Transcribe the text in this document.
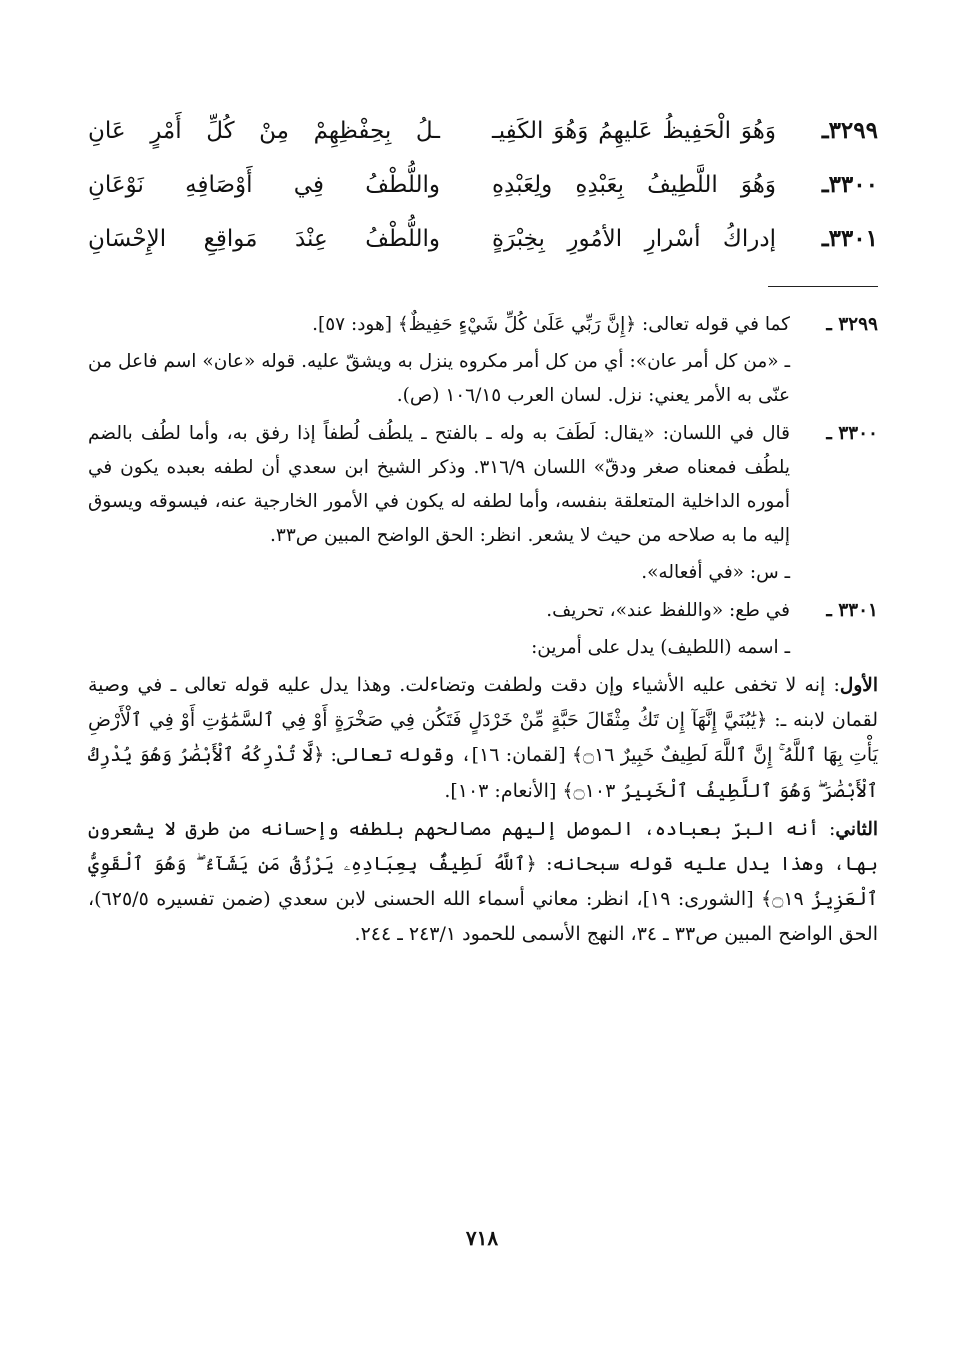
٣٢٩٩ـ
وَهُوَ الْحَفِيظُ عَليهِمُ وَهُوَ الكَفِيـ
ـلُ بِحِفْظِهِمْ مِنْ كُلِّ أَمْرٍ عَانِ
٣٣٠٠ـ
وَهُوَ اللَّطِيفُ بِعَبْدِهِ ولِعَبْدِهِ
واللُّطْفُ فِي أَوْصَافِهِ نَوْعَانِ
٣٣٠١ـ
إدراكُ أسْرارِ الأمُورِ بِخِبْرَةٍ
واللُّطْفُ عِنْدَ مَواقِعِ الإِحْسَانِ
٣٢٩٩ ـ
كما في قوله تعالى: ﴿إِنَّ رَبِّي عَلَىٰ كُلِّ شَيْءٍ حَفِيظٌ﴾ [هود: ٥٧].
ـ «من كل أمر عان»: أي من كل أمر مكروه ينزل به ويشقّ عليه. قوله «عان» اسم فاعل من عنّى به الأمر يعني: نزل. لسان العرب ١٠٦/١٥ (ص).
٣٣٠٠ ـ
قال في اللسان: «يقال: لَطَفَ به وله ـ بالفتح ـ يلطُف لُطفاً إذا رفق به، وأما لطُف بالضم يلطُف فمعناه صغر ودقّ» اللسان ٣١٦/٩. وذكر الشيخ ابن سعدي أن لطفه بعبده يكون في أموره الداخلية المتعلقة بنفسه، وأما لطفه له يكون في الأمور الخارجية عنه، فيسوقه ويسوق إليه ما به صلاحه من حيث لا يشعر. انظر: الحق الواضح المبين ص٣٣.
ـ س: «في أفعاله».
٣٣٠١ ـ
في طع: «واللفظ عند»، تحريف.
ـ اسمه (اللطيف) يدل على أمرين:
الأول: إنه لا تخفى عليه الأشياء وإن دقت ولطفت وتضاءلت. وهذا يدل عليه قوله تعالى ـ في وصية لقمان لابنه ـ: ﴿يَٰبُنَيَّ إِنَّهَآ إِن تَكُ مِثْقَالَ حَبَّةٍ مِّنْ خَرْدَلٍ فَتَكُن فِي صَخْرَةٍ أَوْ فِي ٱلسَّمَٰوَٰتِ أَوْ فِي ٱلْأَرْضِ يَأْتِ بِهَا ٱللَّهُ ۚ إِنَّ ٱللَّهَ لَطِيفٌ خَبِيرٌ ۝١٦﴾ [لقمان: ١٦]، وقوله تعالى: ﴿لَّا تُدْرِكُهُ ٱلْأَبْصَٰرُ وَهُوَ يُدْرِكُ ٱلْأَبْصَٰرَ ۖ وَهُوَ ٱللَّطِيفُ ٱلْخَبِيرُ ۝١٠٣﴾ [الأنعام: ١٠٣].
الثاني: أنه البرّ بعباده، الموصل إليهم مصالحهم بلطفه وإحسانه من طرق لا يشعرون بها، وهذا يدل عليه قوله سبحانه: ﴿ٱللَّهُ لَطِيفٌۢ بِعِبَادِهِۦ يَرْزُقُ مَن يَشَآءُ ۖ وَهُوَ ٱلْقَوِيُّ ٱلْعَزِيزُ ۝١٩﴾ [الشورى: ١٩]، انظر: معاني أسماء الله الحسنى لابن سعدي (ضمن تفسيره ٦٢٥/٥)، الحق الواضح المبين ص٣٣ ـ ٣٤، النهج الأسمى للحمود ٢٤٣/١ ـ ٢٤٤.
٧١٨
